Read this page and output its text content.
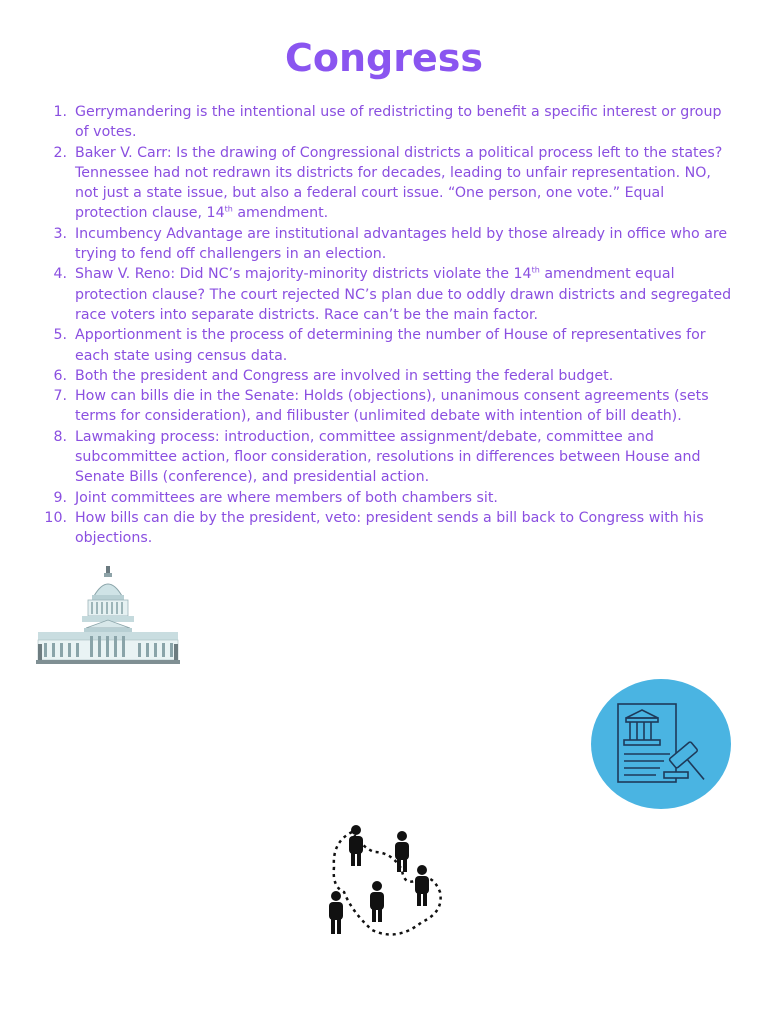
Congress
1. Gerrymandering is the intentional use of redistricting to benefit a specific interest or group of votes.
2. Baker V. Carr: Is the drawing of Congressional districts a political process left to the states? Tennessee had not redrawn its districts for decades, leading to unfair representation. NO, not just a state issue, but also a federal court issue. “One person, one vote.” Equal protection clause, 14th amendment.
3. Incumbency Advantage are institutional advantages held by those already in office who are trying to fend off challengers in an election.
4. Shaw V. Reno: Did NC’s majority-minority districts violate the 14th amendment equal protection clause? The court rejected NC’s plan due to oddly drawn districts and segregated race voters into separate districts. Race can’t be the main factor.
5. Apportionment is the process of determining the number of House of representatives for each state using census data.
6. Both the president and Congress are involved in setting the federal budget.
7. How can bills die in the Senate: Holds (objections), unanimous consent agreements (sets terms for consideration), and filibuster (unlimited debate with intention of bill death).
8. Lawmaking process: introduction, committee assignment/debate, committee and subcommittee action, floor consideration, resolutions in differences between House and Senate Bills (conference), and presidential action.
9. Joint committees are where members of both chambers sit.
10. How bills can die by the president, veto: president sends a bill back to Congress with his objections.
